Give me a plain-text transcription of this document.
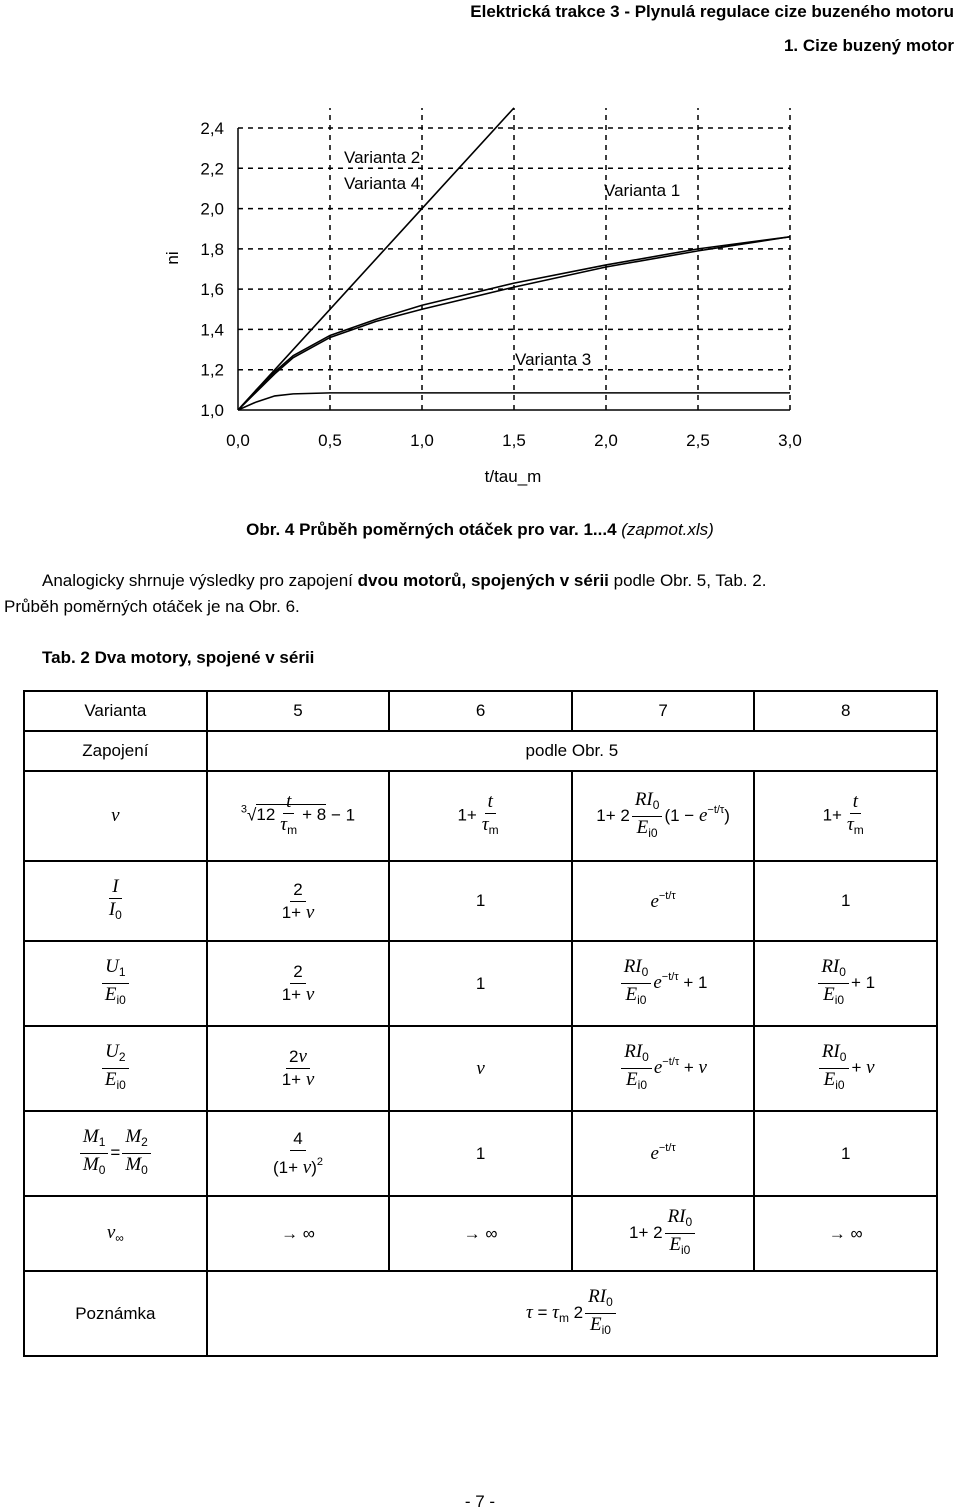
Elektrická trakce 3 - Plynulá regulace cize buzeného motoru
1. Cize buzený motor
1,0
1,2
1,4
1,6
1,8
2,0
2,2
2,4
0,0	0,5	1,0	1,5	2,0	2,5	3,0
ni
t/tau_m
Varianta 2
Varianta 4	Varianta 1
Varianta 3
Obr. 4 Průběh poměrných otáček pro var. 1...4 (zapmot.xls)
Analogicky shrnuje výsledky pro zapojení dvou motorů, spojených v sérii podle Obr. 5, Tab. 2.
Průběh poměrných otáček je na Obr. 6.
Tab. 2 Dva motory, spojené v sérii
Varianta	5	6	7	8
Zapojení	podle Obr. 5			
ν	$^3√12 \frac{t}{\tau_m} + 8 - 1$	$1+ \frac{t}{\tau_m}$	$1+ 2 \frac{RI_0}{E_{i0}} (1 - e^{-t/\tau})$	$1+ \frac{t}{\tau_m}$

$\frac{I}{I_0}$	$\frac{2}{1+ \nu}$	1	$e^{-t/\tau}$	1

$\frac{U_1}{E_{i0}}$	$\frac{2}{1+ \nu}$	1	$\frac{RI_0}{E_{i0}} e^{-t/\tau} + 1$	$\frac{RI_0}{E_{i0}} + 1$

$\frac{U_2}{E_{i0}}$	$\frac{2\nu}{1+ \nu}$	ν	$\frac{RI_0}{E_{i0}} e^{-t/\tau} + \nu$	$\frac{RI_0}{E_{i0}} + \nu$

$\frac{M_1}{M_0} = \frac{M_2}{M_0}$	$\frac{4}{(1+ \nu)^2}$	1	$e^{-t/\tau}$	1
$\nu_\infty$	→ ∞	→ ∞	$1+ 2 \frac{RI_0}{E_{i0}}$	→ ∞
Poznámka	$\tau = \tau_m$ $2 \frac{RI_0}{E_{i0}}$
- 7 -
